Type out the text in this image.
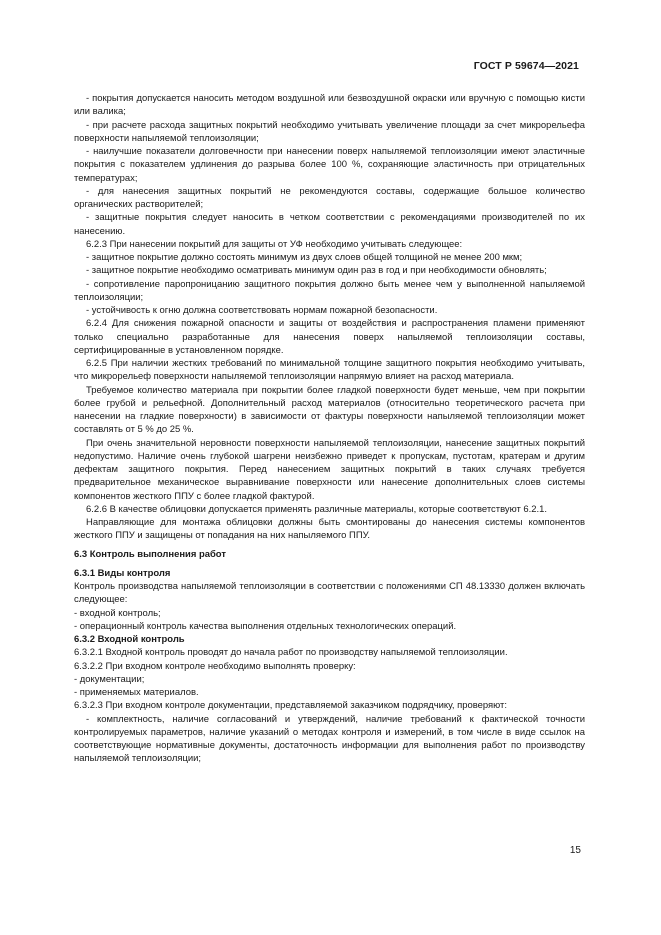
ГОСТ Р 59674—2021

- покрытия допускается наносить методом воздушной или безвоздушной окраски или вручную с помощью кисти или валика;

- при расчете расхода защитных покрытий необходимо учитывать увеличение площади за счет микрорельефа поверхности напыляемой теплоизоляции;

- наилучшие показатели долговечности при нанесении поверх напыляемой теплоизоляции имеют эластичные покрытия с показателем удлинения до разрыва более 100 %, сохраняющие эластичность при отрицательных температурах;

- для нанесения защитных покрытий не рекомендуются составы, содержащие большое количество органических растворителей;

- защитные покрытия следует наносить в четком соответствии с рекомендациями производителей по их нанесению.

6.2.3 При нанесении покрытий для защиты от УФ необходимо учитывать следующее:

- защитное покрытие должно состоять минимум из двух слоев общей толщиной не менее 200 мкм;

- защитное покрытие необходимо осматривать минимум один раз в год и при необходимости обновлять;

- сопротивление паропроницанию защитного покрытия должно быть менее чем у выполненной напыляемой теплоизоляции;

- устойчивость к огню должна соответствовать нормам пожарной безопасности.

6.2.4 Для снижения пожарной опасности и защиты от воздействия и распространения пламени применяют только специально разработанные для нанесения поверх напыляемой теплоизоляции составы, сертифицированные в установленном порядке.

6.2.5 При наличии жестких требований по минимальной толщине защитного покрытия необходимо учитывать, что микрорельеф поверхности напыляемой теплоизоляции напрямую влияет на расход материала.

Требуемое количество материала при покрытии более гладкой поверхности будет меньше, чем при покрытии более грубой и рельефной. Дополнительный расход материалов (относительно теоретического расчета при нанесении на гладкие поверхности) в зависимости от фактуры поверхности напыляемой теплоизоляции может составлять от 5 % до 25 %.

При очень значительной неровности поверхности напыляемой теплоизоляции, нанесение защитных покрытий недопустимо. Наличие очень глубокой шагрени неизбежно приведет к пропускам, пустотам, кратерам и другим дефектам защитного покрытия. Перед нанесением защитных покрытий в таких случаях требуется предварительное механическое выравнивание поверхности или нанесение дополнительных слоев системы компонентов жесткого ППУ с более гладкой фактурой.

6.2.6 В качестве облицовки допускается применять различные материалы, которые соответствуют 6.2.1.

Направляющие для монтажа облицовки должны быть смонтированы до нанесения системы компонентов жесткого ППУ и защищены от попадания на них напыляемого ППУ.

6.3 Контроль выполнения работ

6.3.1 Виды контроля

Контроль производства напыляемой теплоизоляции в соответствии с положениями СП 48.13330 должен включать следующее:

- входной контроль;

- операционный контроль качества выполнения отдельных технологических операций.

6.3.2 Входной контроль

6.3.2.1 Входной контроль проводят до начала работ по производству напыляемой теплоизоляции.

6.3.2.2 При входном контроле необходимо выполнять проверку:

- документации;

- применяемых материалов.

6.3.2.3 При входном контроле документации, представляемой заказчиком подрядчику, проверяют:

- комплектность, наличие согласований и утверждений, наличие требований к фактической точности контролируемых параметров, наличие указаний о методах контроля и измерений, в том числе в виде ссылок на соответствующие нормативные документы, достаточность информации для выполнения работ по производству напыляемой теплоизоляции;

15
